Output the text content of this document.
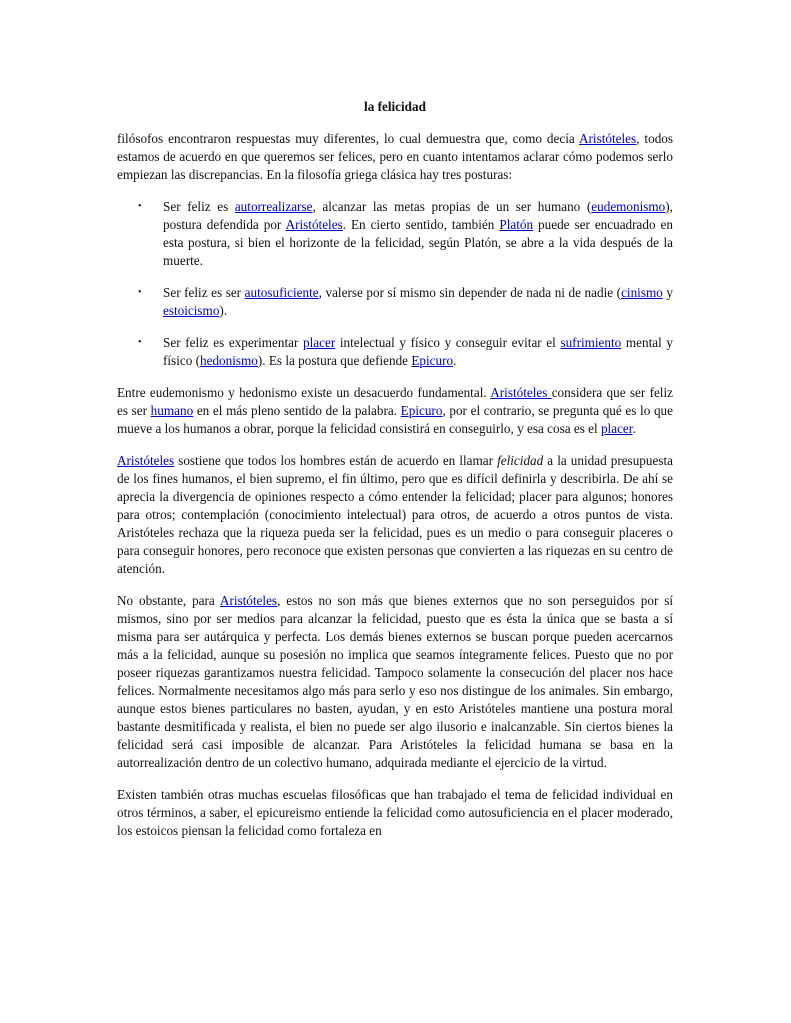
la felicidad

filósofos encontraron respuestas muy diferentes, lo cual demuestra que, como decía Aristóteles, todos estamos de acuerdo en que queremos ser felices, pero en cuanto intentamos aclarar cómo podemos serlo empiezan las discrepancias. En la filosofía griega clásica hay tres posturas:

• Ser feliz es autorrealizarse, alcanzar las metas propias de un ser humano (eudemonismo), postura defendida por Aristóteles. En cierto sentido, también Platón puede ser encuadrado en esta postura, si bien el horizonte de la felicidad, según Platón, se abre a la vida después de la muerte.
• Ser feliz es ser autosuficiente, valerse por sí mismo sin depender de nada ni de nadie (cinismo y estoicismo).
• Ser feliz es experimentar placer intelectual y físico y conseguir evitar el sufrimiento mental y físico (hedonismo). Es la postura que defiende Epicuro.

Entre eudemonismo y hedonismo existe un desacuerdo fundamental. Aristóteles considera que ser feliz es ser humano en el más pleno sentido de la palabra. Epicuro, por el contrario, se pregunta qué es lo que mueve a los humanos a obrar, porque la felicidad consistirá en conseguirlo, y esa cosa es el placer.

Aristóteles sostiene que todos los hombres están de acuerdo en llamar felicidad a la unidad presupuesta de los fines humanos, el bien supremo, el fin último, pero que es difícil definirla y describirla. De ahí se aprecia la divergencia de opiniones respecto a cómo entender la felicidad; placer para algunos; honores para otros; contemplación (conocimiento intelectual) para otros, de acuerdo a otros puntos de vista. Aristóteles rechaza que la riqueza pueda ser la felicidad, pues es un medio o para conseguir placeres o para conseguir honores, pero reconoce que existen personas que convierten a las riquezas en su centro de atención.

No obstante, para Aristóteles, estos no son más que bienes externos que no son perseguidos por sí mismos, sino por ser medios para alcanzar la felicidad, puesto que es ésta la única que se basta a sí misma para ser autárquica y perfecta. Los demás bienes externos se buscan porque pueden acercarnos más a la felicidad, aunque su posesión no implica que seamos íntegramente felices. Puesto que no por poseer riquezas garantizamos nuestra felicidad. Tampoco solamente la consecución del placer nos hace felices. Normalmente necesitamos algo más para serlo y eso nos distingue de los animales. Sin embargo, aunque estos bienes particulares no basten, ayudan, y en esto Aristóteles mantiene una postura moral bastante desmitificada y realista, el bien no puede ser algo ilusorio e inalcanzable. Sin ciertos bienes la felicidad será casi imposible de alcanzar. Para Aristóteles la felicidad humana se basa en la autorrealización dentro de un colectivo humano, adquirada mediante el ejercicio de la virtud.

Existen también otras muchas escuelas filosóficas que han trabajado el tema de felicidad individual en otros términos, a saber, el epicureismo entiende la felicidad como autosuficiencia en el placer moderado, los estoicos piensan la felicidad como fortaleza en
